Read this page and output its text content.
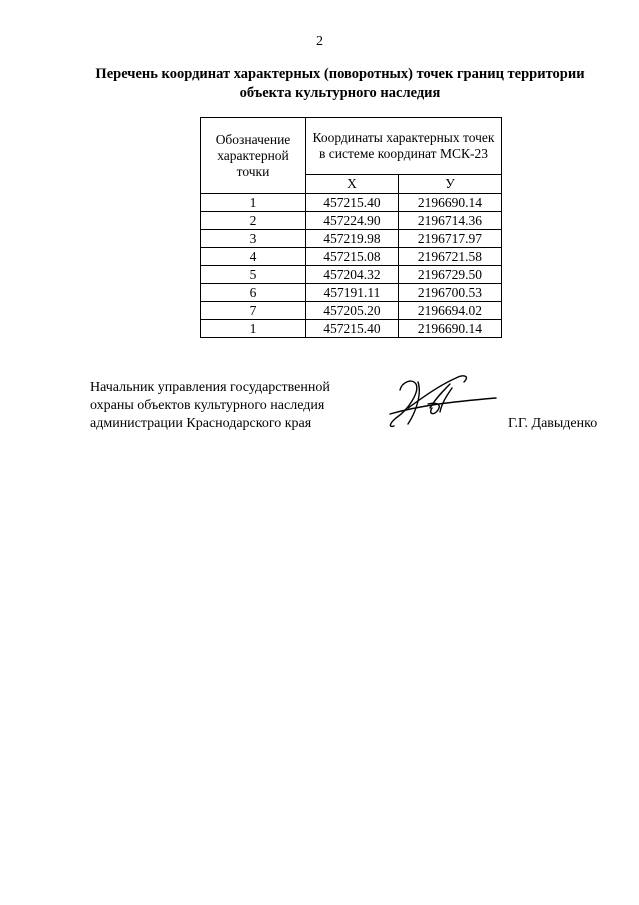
2
Перечень координат характерных (поворотных) точек границ территории
объекта культурного наследия
Обозначение характерной точки	Координаты характерных точек в системе координат МСК-23	
	Х	У
1	457215.40	2196690.14
2	457224.90	2196714.36
3	457219.98	2196717.97
4	457215.08	2196721.58
5	457204.32	2196729.50
6	457191.11	2196700.53
7	457205.20	2196694.02
1	457215.40	2196690.14
Начальник управления государственной
охраны объектов культурного наследия
администрации Краснодарского края	Г.Г. Давыденко
